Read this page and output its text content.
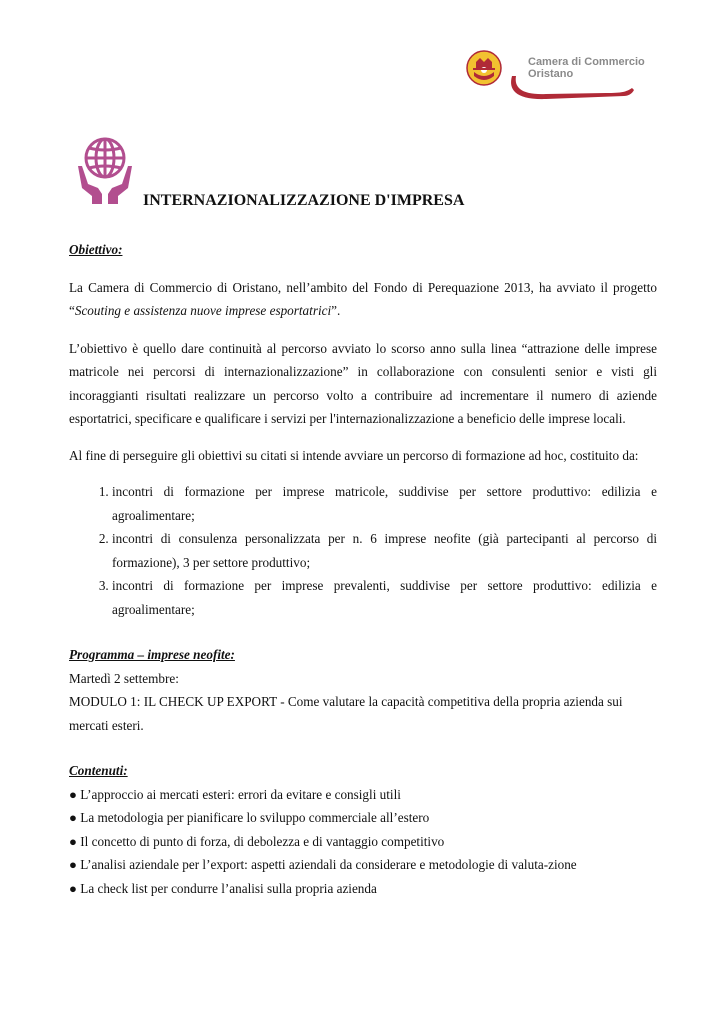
Camera di Commercio
Oristano
INTERNAZIONALIZZAZIONE D'IMPRESA

Obiettivo:

La Camera di Commercio di Oristano, nell’ambito del Fondo di Perequazione 2013, ha avviato il progetto “Scouting e assistenza nuove imprese esportatrici”.

L’obiettivo è quello dare continuità al percorso avviato lo scorso anno sulla linea “attrazione delle imprese matricole nei percorsi di internazionalizzazione” in collaborazione con consulenti senior e visti gli incoraggianti risultati realizzare un percorso volto a contribuire ad incrementare il numero di aziende esportatrici, specificare e qualificare i servizi per l'internazionalizzazione a beneficio delle imprese locali.

Al fine di perseguire gli obiettivi su citati si intende avviare un percorso di formazione ad hoc, costituito da:

1. incontri di formazione per imprese matricole, suddivise per settore produttivo: edilizia e agroalimentare;
2. incontri di consulenza personalizzata per n. 6 imprese neofite (già partecipanti al percorso di formazione), 3 per settore produttivo;
3. incontri di formazione per imprese prevalenti, suddivise per settore produttivo: edilizia e agroalimentare;

Programma – imprese neofite:

Martedì 2 settembre:

MODULO 1: IL CHECK UP EXPORT - Come valutare la capacità competitiva della propria azienda sui mercati esteri.

Contenuti:

● L’approccio ai mercati esteri: errori da evitare e consigli utili
● La metodologia per pianificare lo sviluppo commerciale all’estero
● Il concetto di punto di forza, di debolezza e di vantaggio competitivo
● L’analisi aziendale per l’export: aspetti aziendali da considerare e metodologie di valuta-zione
● La check list per condurre l’analisi sulla propria azienda
